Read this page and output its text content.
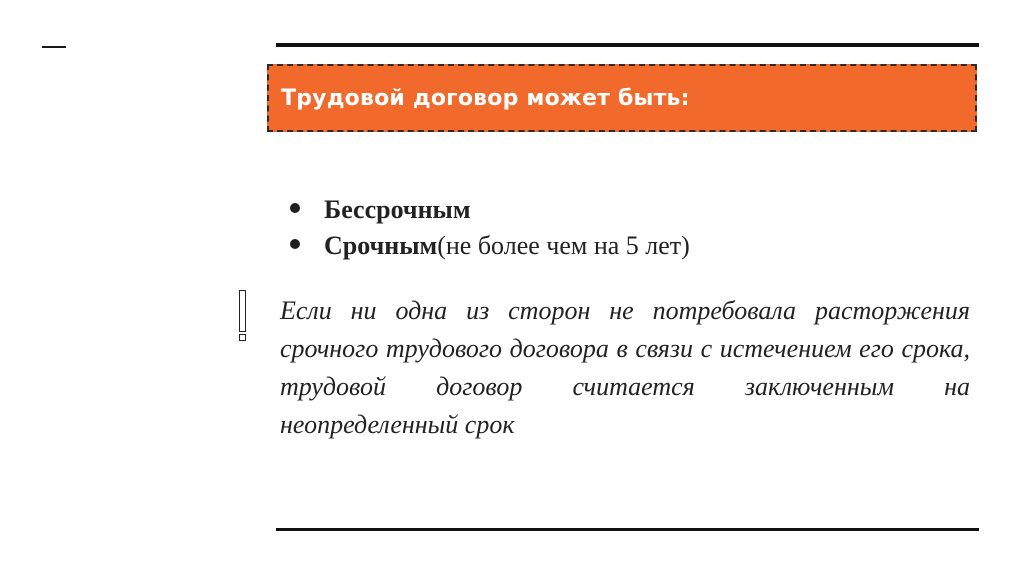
Трудовой договор может быть:
Бессрочным
Срочным (не более чем на 5 лет)

Если ни одна из сторон не потребовала расторжения срочного трудового договора в связи с истечением его срока, трудовой договор считается заключенным на неопределенный срок
